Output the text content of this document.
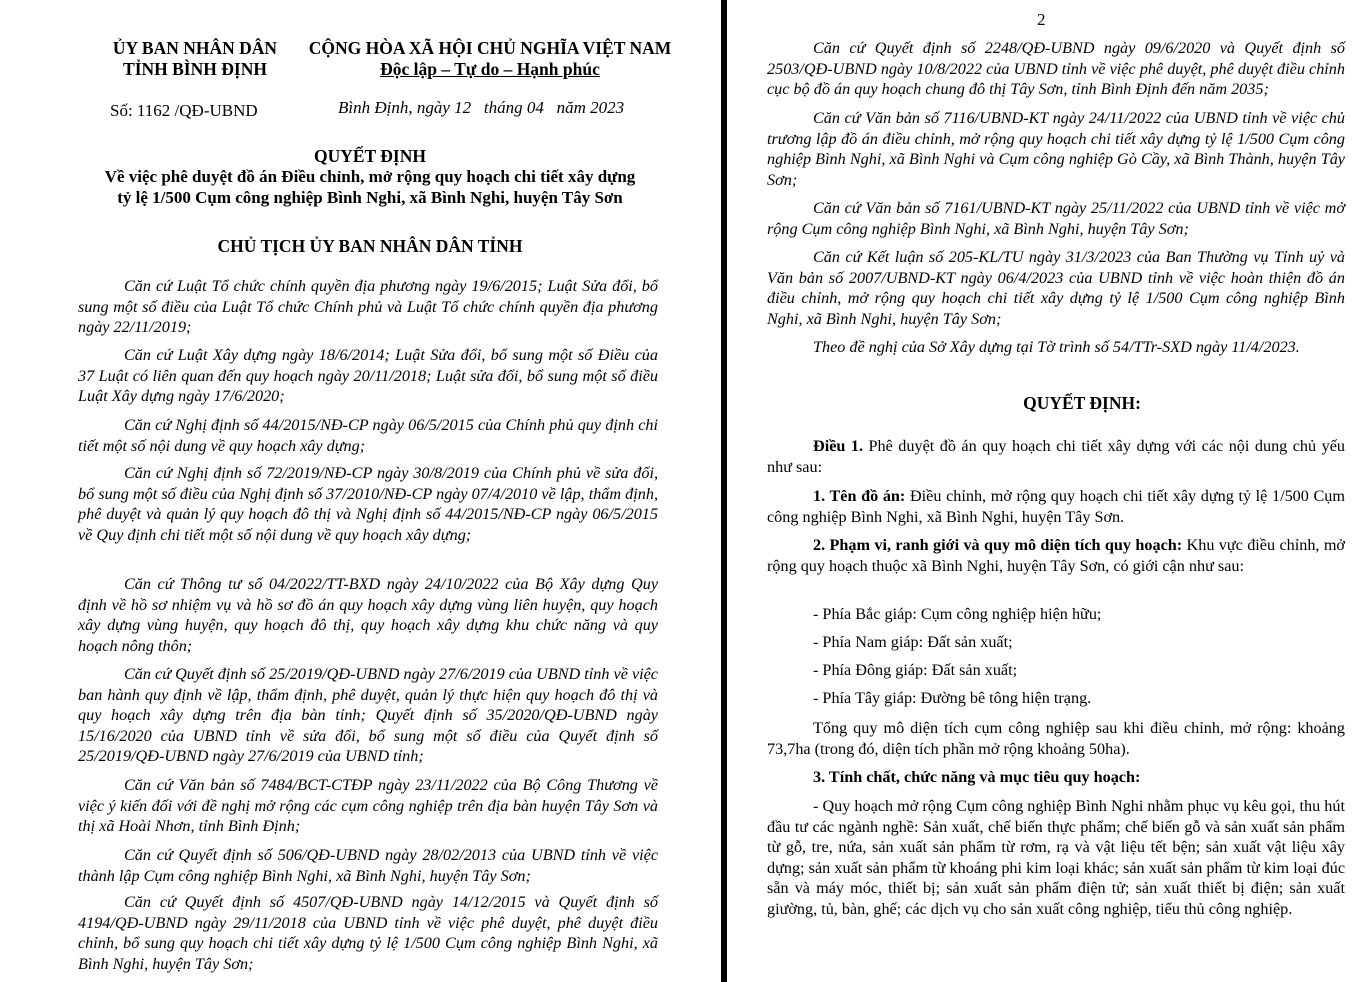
ỦY BAN NHÂN DÂN
TỈNH BÌNH ĐỊNH
CỘNG HÒA XÃ HỘI CHỦ NGHĨA VIỆT NAM
Độc lập – Tự do – Hạnh phúc
Số: 1162 /QĐ-UBND	Bình Định, ngày 12   tháng 04   năm 2023
QUYẾT ĐỊNH
Về việc phê duyệt đồ án Điều chỉnh, mở rộng quy hoạch chi tiết xây dựng
tỷ lệ 1/500 Cụm công nghiệp Bình Nghi, xã Bình Nghi, huyện Tây Sơn
CHỦ TỊCH ỦY BAN NHÂN DÂN TỈNH

Căn cứ Luật Tổ chức chính quyền địa phương ngày 19/6/2015; Luật Sửa đổi, bổ sung một số điều của Luật Tổ chức Chính phủ và Luật Tổ chức chính quyền địa phương ngày 22/11/2019;

Căn cứ Luật Xây dựng ngày 18/6/2014; Luật Sửa đổi, bổ sung một số Điều của 37 Luật có liên quan đến quy hoạch ngày 20/11/2018; Luật sửa đổi, bổ sung một số điều Luật Xây dựng ngày 17/6/2020;

Căn cứ Nghị định số 44/2015/NĐ-CP ngày 06/5/2015 của Chính phủ quy định chi tiết một số nội dung về quy hoạch xây dựng;

Căn cứ Nghị định số 72/2019/NĐ-CP ngày 30/8/2019 của Chính phủ về sửa đổi, bổ sung một số điều của Nghị định số 37/2010/NĐ-CP ngày 07/4/2010 về lập, thẩm định, phê duyệt và quản lý quy hoạch đô thị và Nghị định số 44/2015/NĐ-CP ngày 06/5/2015 về Quy định chi tiết một số nội dung về quy hoạch xây dựng;

Căn cứ Thông tư số 04/2022/TT-BXD ngày 24/10/2022 của Bộ Xây dựng Quy định về hồ sơ nhiệm vụ và hồ sơ đồ án quy hoạch xây dựng vùng liên huyện, quy hoạch xây dựng vùng huyện, quy hoạch đô thị, quy hoạch xây dựng khu chức năng và quy hoạch nông thôn;

Căn cứ Quyết định số 25/2019/QĐ-UBND ngày 27/6/2019 của UBND tỉnh về việc ban hành quy định về lập, thẩm định, phê duyệt, quản lý thực hiện quy hoạch đô thị và quy hoạch xây dựng trên địa bàn tỉnh; Quyết định số 35/2020/QĐ-UBND ngày 15/16/2020 của UBND tỉnh về sửa đổi, bổ sung một số điều của Quyết định số 25/2019/QĐ-UBND ngày 27/6/2019 của UBND tỉnh;

Căn cứ Văn bản số 7484/BCT-CTĐP ngày 23/11/2022 của Bộ Công Thương về việc ý kiến đối với đề nghị mở rộng các cụm công nghiệp trên địa bàn huyện Tây Sơn và thị xã Hoài Nhơn, tỉnh Bình Định;

Căn cứ Quyết định số 506/QĐ-UBND ngày 28/02/2013 của UBND tỉnh về việc thành lập Cụm công nghiệp Bình Nghi, xã Bình Nghi, huyện Tây Sơn;

Căn cứ Quyết định số 4507/QĐ-UBND ngày 14/12/2015 và Quyết định số 4194/QĐ-UBND ngày 29/11/2018 của UBND tỉnh về việc phê duyệt, phê duyệt điều chỉnh, bổ sung quy hoạch chi tiết xây dựng tỷ lệ 1/500 Cụm công nghiệp Bình Nghi, xã Bình Nghi, huyện Tây Sơn;

2

Căn cứ Quyết định số 2248/QĐ-UBND ngày 09/6/2020 và Quyết định số 2503/QĐ-UBND ngày 10/8/2022 của UBND tỉnh về việc phê duyệt, phê duyệt điều chỉnh cục bộ đồ án quy hoạch chung đô thị Tây Sơn, tỉnh Bình Định đến năm 2035;

Căn cứ Văn bản số 7116/UBND-KT ngày 24/11/2022 của UBND tỉnh về việc chủ trương lập đồ án điều chỉnh, mở rộng quy hoạch chi tiết xây dựng tỷ lệ 1/500 Cụm công nghiệp Bình Nghi, xã Bình Nghi và Cụm công nghiệp Gò Cầy, xã Bình Thành, huyện Tây Sơn;

Căn cứ Văn bản số 7161/UBND-KT ngày 25/11/2022 của UBND tỉnh về việc mở rộng Cụm công nghiệp Bình Nghi, xã Bình Nghi, huyện Tây Sơn;

Căn cứ Kết luận số 205-KL/TU ngày 31/3/2023 của Ban Thường vụ Tỉnh uỷ và Văn bản số 2007/UBND-KT ngày 06/4/2023 của UBND tỉnh về việc hoàn thiện đồ án điều chỉnh, mở rộng quy hoạch chi tiết xây dựng tỷ lệ 1/500 Cụm công nghiệp Bình Nghi, xã Bình Nghi, huyện Tây Sơn;

Theo đề nghị của Sở Xây dựng tại Tờ trình số 54/TTr-SXD ngày 11/4/2023.

QUYẾT ĐỊNH:

Điều 1. Phê duyệt đồ án quy hoạch chi tiết xây dựng với các nội dung chủ yếu như sau:

1. Tên đồ án: Điều chỉnh, mở rộng quy hoạch chi tiết xây dựng tỷ lệ 1/500 Cụm công nghiệp Bình Nghi, xã Bình Nghi, huyện Tây Sơn.

2. Phạm vi, ranh giới và quy mô diện tích quy hoạch: Khu vực điều chỉnh, mở rộng quy hoạch thuộc xã Bình Nghi, huyện Tây Sơn, có giới cận như sau:

- Phía Bắc giáp: Cụm công nghiệp hiện hữu;
- Phía Nam giáp: Đất sản xuất;
- Phía Đông giáp: Đất sản xuất;
- Phía Tây giáp: Đường bê tông hiện trạng.

Tổng quy mô diện tích cụm công nghiệp sau khi điều chỉnh, mở rộng: khoảng 73,7ha (trong đó, diện tích phần mở rộng khoảng 50ha).

3. Tính chất, chức năng và mục tiêu quy hoạch:

- Quy hoạch mở rộng Cụm công nghiệp Bình Nghi nhằm phục vụ kêu gọi, thu hút đầu tư các ngành nghề: Sản xuất, chế biến thực phẩm; chế biến gỗ và sản xuất sản phẩm từ gỗ, tre, nứa, sản xuất sản phẩm từ rơm, rạ và vật liệu tết bện; sản xuất vật liệu xây dựng; sản xuất sản phẩm từ khoáng phi kim loại khác; sản xuất sản phẩm từ kim loại đúc sẵn và máy móc, thiết bị; sản xuất sản phẩm điện tử; sản xuất thiết bị điện; sản xuất giường, tủ, bàn, ghế; các dịch vụ cho sản xuất công nghiệp, tiểu thủ công nghiệp.
